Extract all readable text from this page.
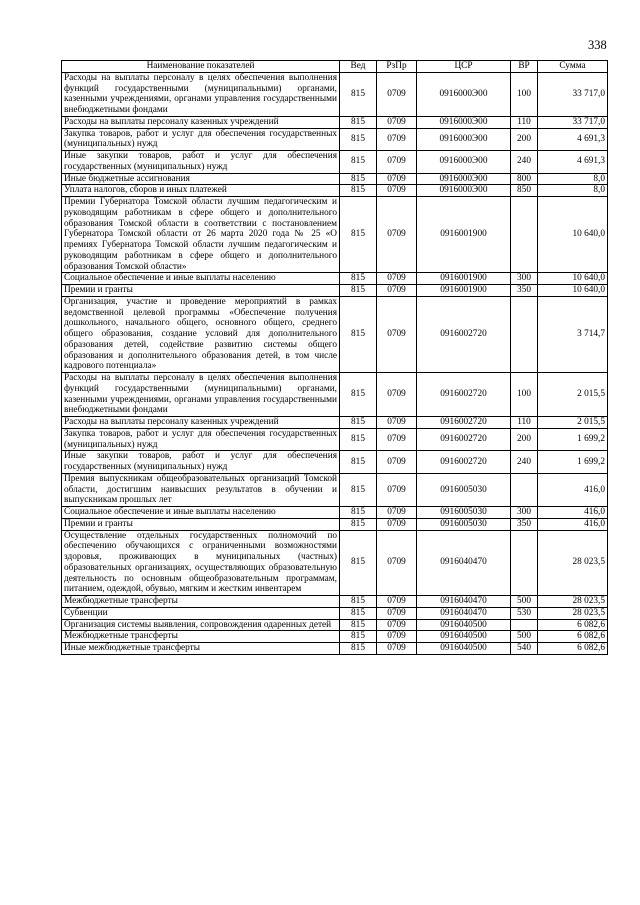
338
Наименование показателей	Вед	РзПр	ЦСР	ВР	Сумма
Расходы на выплаты персоналу в целях обеспечения выполнения функций государственными (муниципальными) органами, казенными учреждениями, органами управления государственными внебюджетными фондами	815	0709	0916000Э00	100	33 717,0
Расходы на выплаты персоналу казенных учреждений	815	0709	0916000Э00	110	33 717,0
Закупка товаров, работ и услуг для обеспечения государственных (муниципальных) нужд	815	0709	0916000Э00	200	4 691,3
Иные закупки товаров, работ и услуг для обеспечения государственных (муниципальных) нужд	815	0709	0916000Э00	240	4 691,3
Иные бюджетные ассигнования	815	0709	0916000Э00	800	8,0
Уплата налогов, сборов и иных платежей	815	0709	0916000Э00	850	8,0
Премии Губернатора Томской области лучшим педагогическим и руководящим работникам в сфере общего и дополнительного образования Томской области в соответствии с постановлением Губернатора Томской области от 26 марта 2020 года № 25 «О премиях Губернатора Томской области лучшим педагогическим и руководящим работникам в сфере общего и дополнительного образования Томской области»	815	0709	0916001900		10 640,0
Социальное обеспечение и иные выплаты населению	815	0709	0916001900	300	10 640,0
Премии и гранты	815	0709	0916001900	350	10 640,0
Организация, участие и проведение мероприятий в рамках ведомственной целевой программы «Обеспечение получения дошкольного, начального общего, основного общего, среднего общего образования, создание условий для дополнительного образования детей, содействие развитию системы общего образования и дополнительного образования детей, в том числе кадрового потенциала»	815	0709	0916002720		3 714,7
Расходы на выплаты персоналу в целях обеспечения выполнения функций государственными (муниципальными) органами, казенными учреждениями, органами управления государственными внебюджетными фондами	815	0709	0916002720	100	2 015,5
Расходы на выплаты персоналу казенных учреждений	815	0709	0916002720	110	2 015,5
Закупка товаров, работ и услуг для обеспечения государственных (муниципальных) нужд	815	0709	0916002720	200	1 699,2
Иные закупки товаров, работ и услуг для обеспечения государственных (муниципальных) нужд	815	0709	0916002720	240	1 699,2
Премия выпускникам общеобразовательных организаций Томской области, достигшим наивысших результатов в обучении и выпускникам прошлых лет	815	0709	0916005030		416,0
Социальное обеспечение и иные выплаты населению	815	0709	0916005030	300	416,0
Премии и гранты	815	0709	0916005030	350	416,0
Осуществление отдельных государственных полномочий по обеспечению обучающихся с ограниченными возможностями здоровья, проживающих в муниципальных (частных) образовательных организациях, осуществляющих образовательную деятельность по основным общеобразовательным программам, питанием, одеждой, обувью, мягким и жестким инвентарем	815	0709	0916040470		28 023,5
Межбюджетные трансферты	815	0709	0916040470	500	28 023,5
Субвенции	815	0709	0916040470	530	28 023,5
Организация системы выявления, сопровождения одаренных детей	815	0709	0916040500		6 082,6
Межбюджетные трансферты	815	0709	0916040500	500	6 082,6
Иные межбюджетные трансферты	815	0709	0916040500	540	6 082,6
